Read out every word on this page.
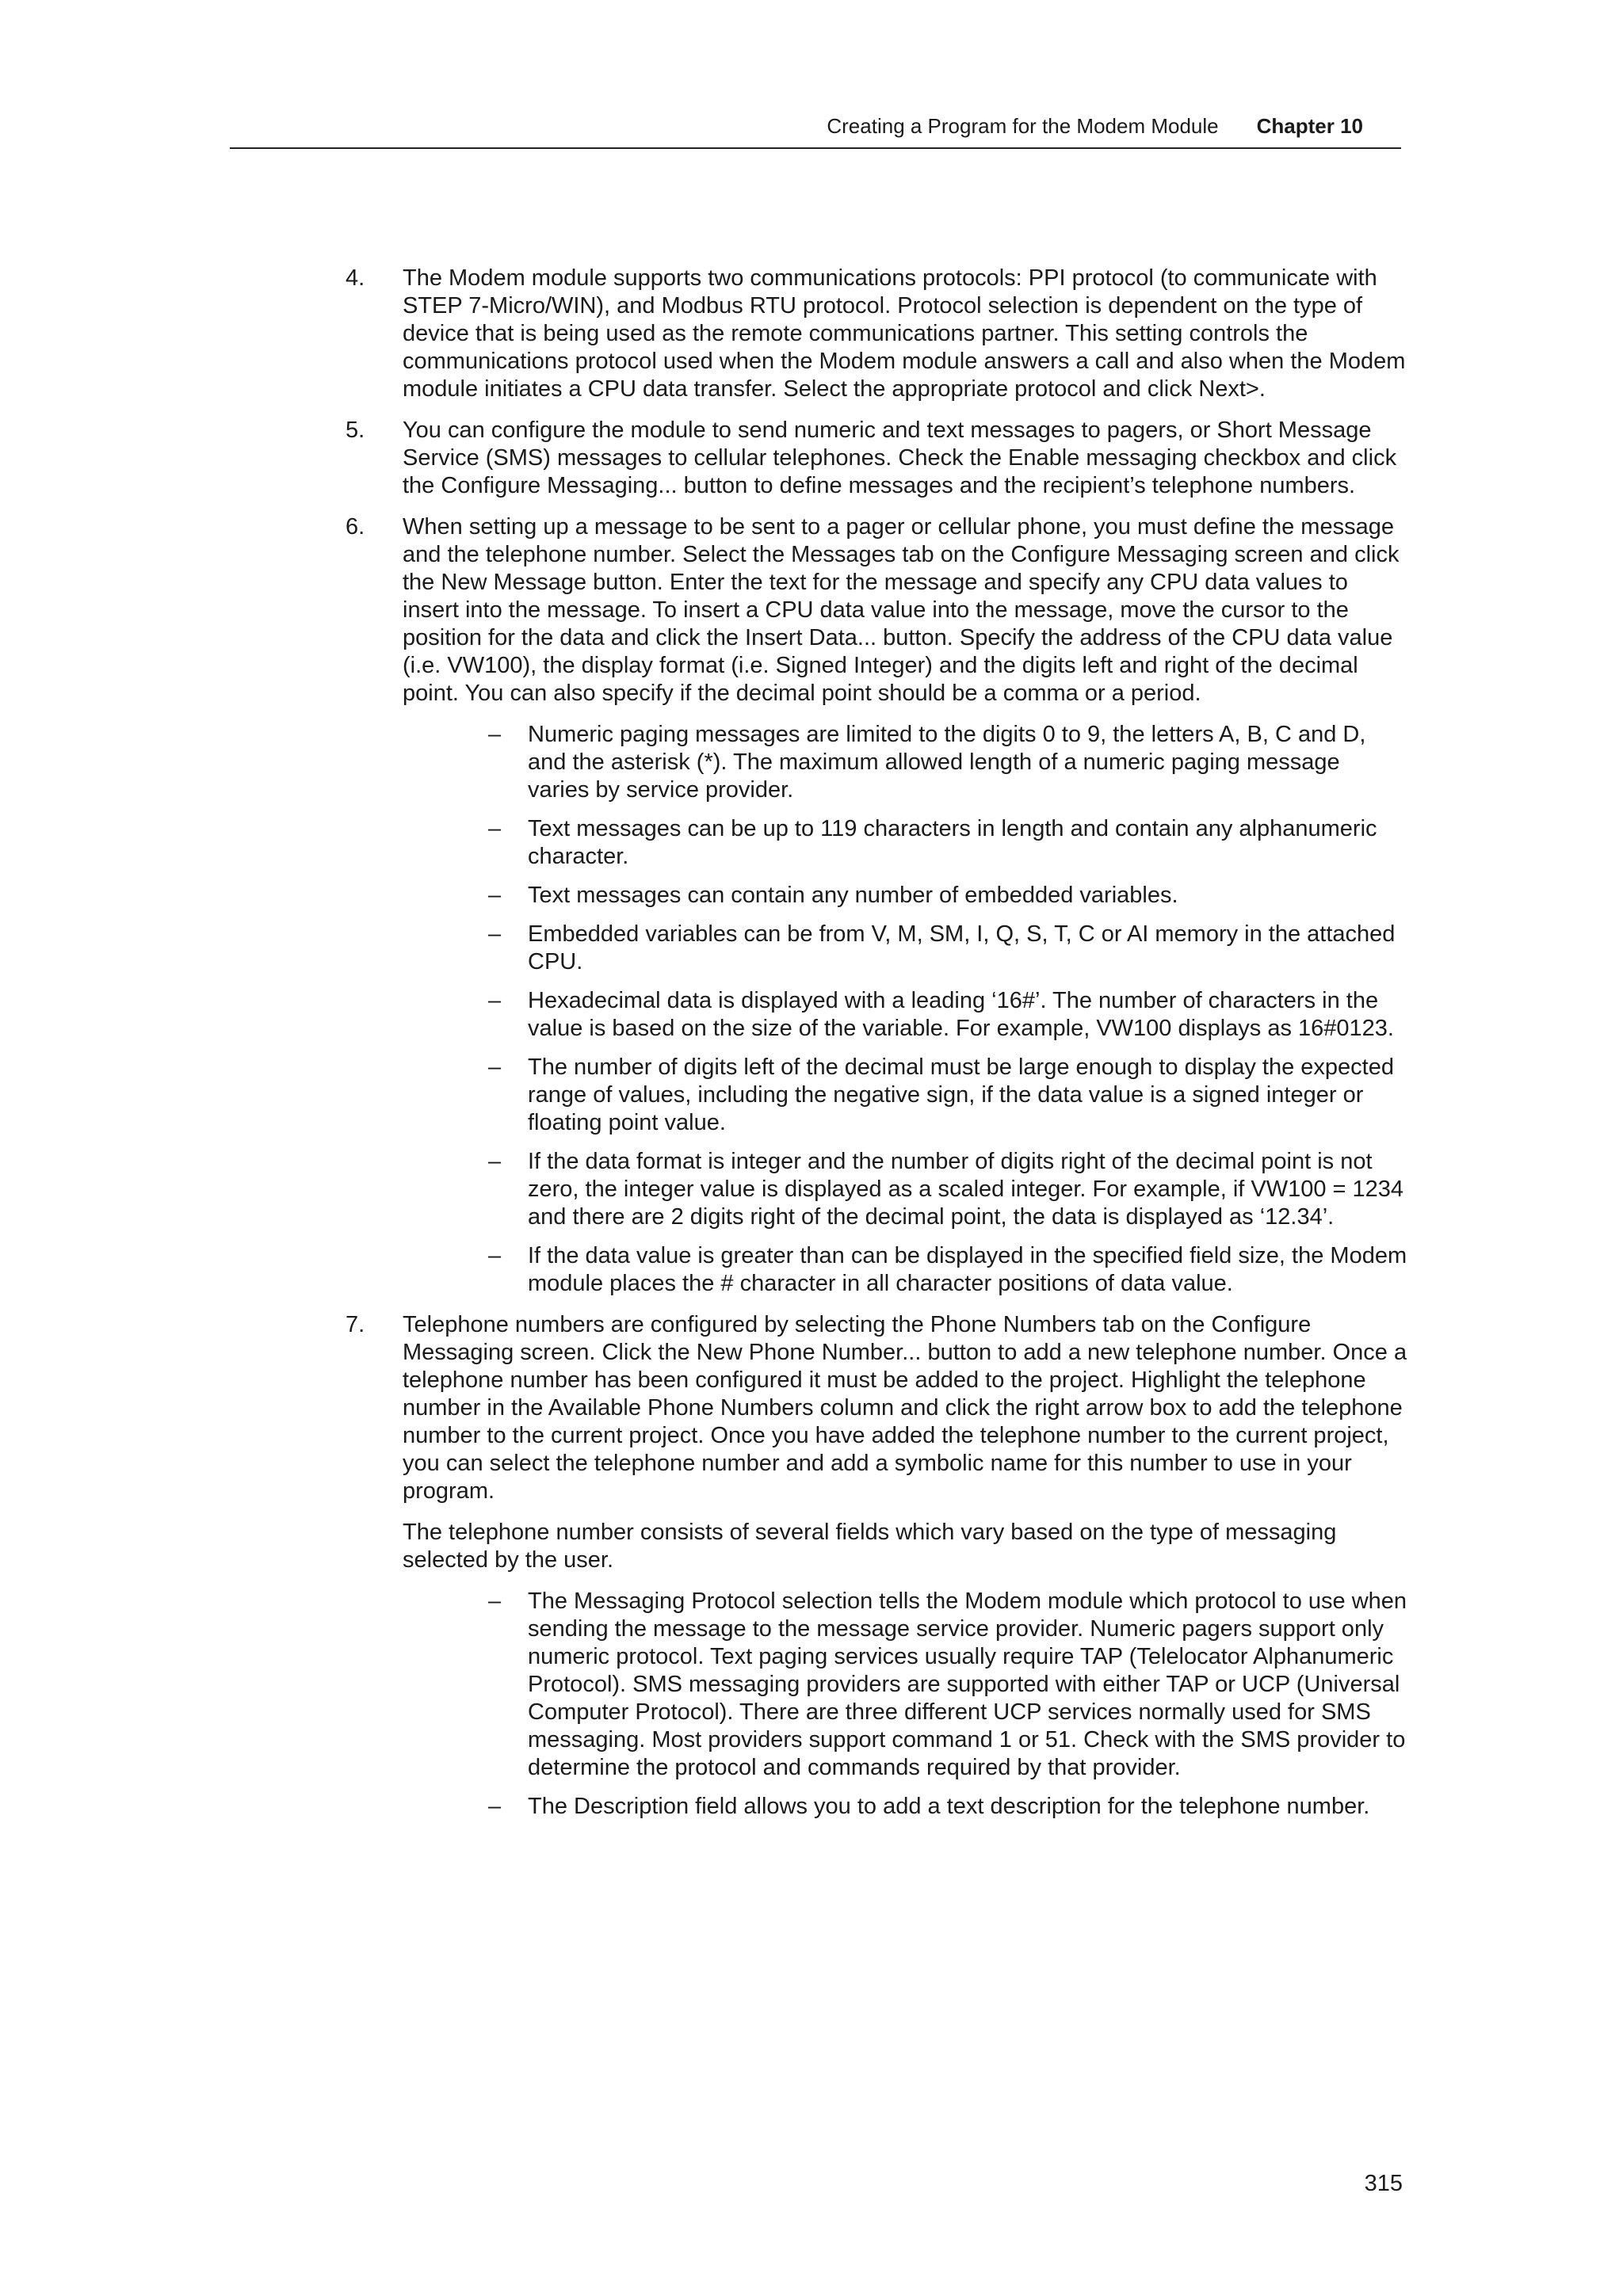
Creating a Program for the Modem Module Chapter 10
4. The Modem module supports two communications protocols: PPI protocol (to communicate with STEP 7-Micro/WIN), and Modbus RTU protocol. Protocol selection is dependent on the type of device that is being used as the remote communications partner. This setting controls the communications protocol used when the Modem module answers a call and also when the Modem module initiates a CPU data transfer. Select the appropriate protocol and click Next>.

5. You can configure the module to send numeric and text messages to pagers, or Short Message Service (SMS) messages to cellular telephones. Check the Enable messaging checkbox and click the Configure Messaging... button to define messages and the recipient’s telephone numbers.

6. When setting up a message to be sent to a pager or cellular phone, you must define the message and the telephone number. Select the Messages tab on the Configure Messaging screen and click the New Message button. Enter the text for the message and specify any CPU data values to insert into the message. To insert a CPU data value into the message, move the cursor to the position for the data and click the Insert Data... button. Specify the address of the CPU data value (i.e. VW100), the display format (i.e. Signed Integer) and the digits left and right of the decimal point. You can also specify if the decimal point should be a comma or a period.

– Numeric paging messages are limited to the digits 0 to 9, the letters A, B, C and D, and the asterisk (*). The maximum allowed length of a numeric paging message varies by service provider.
– Text messages can be up to 119 characters in length and contain any alphanumeric character.
– Text messages can contain any number of embedded variables.
– Embedded variables can be from V, M, SM, I, Q, S, T, C or AI memory in the attached CPU.
– Hexadecimal data is displayed with a leading ‘16#’. The number of characters in the value is based on the size of the variable. For example, VW100 displays as 16#0123.
– The number of digits left of the decimal must be large enough to display the expected range of values, including the negative sign, if the data value is a signed integer or floating point value.
– If the data format is integer and the number of digits right of the decimal point is not zero, the integer value is displayed as a scaled integer. For example, if VW100 = 1234 and there are 2 digits right of the decimal point, the data is displayed as ‘12.34’.
– If the data value is greater than can be displayed in the specified field size, the Modem module places the # character in all character positions of data value.
7. Telephone numbers are configured by selecting the Phone Numbers tab on the Configure Messaging screen. Click the New Phone Number... button to add a new telephone number. Once a telephone number has been configured it must be added to the project. Highlight the telephone number in the Available Phone Numbers column and click the right arrow box to add the telephone number to the current project. Once you have added the telephone number to the current project, you can select the telephone number and add a symbolic name for this number to use in your program.

The telephone number consists of several fields which vary based on the type of messaging selected by the user.

– The Messaging Protocol selection tells the Modem module which protocol to use when sending the message to the message service provider. Numeric pagers support only numeric protocol. Text paging services usually require TAP (Telelocator Alphanumeric Protocol). SMS messaging providers are supported with either TAP or UCP (Universal Computer Protocol). There are three different UCP services normally used for SMS messaging. Most providers support command 1 or 51. Check with the SMS provider to determine the protocol and commands required by that provider.
– The Description field allows you to add a text description for the telephone number.
315
